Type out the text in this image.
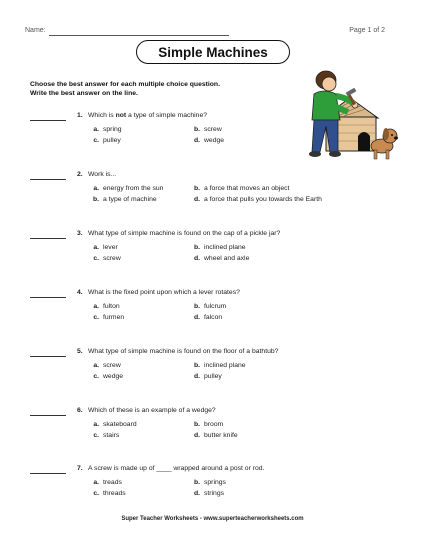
Name:	Page 1 of 2
Simple Machines
Choose the best answer for each multiple choice question.
Write the best answer on the line.
1. Which is not a type of simple machine?
a. spring	b. screw
c. pulley	d. wedge
2. Work is...
a. energy from the sun	b. a force that moves an object
b. a type of machine	d. a force that pulls you towards the Earth
3. What type of simple machine is found on the cap of a pickle jar?
a. lever	b. inclined plane
c. screw	d. wheel and axle
4. What is the fixed point upon which a lever rotates?
a. fulton	b. fulcrum
c. furmen	d. falcon
5. What type of simple machine is found on the floor of a bathtub?
a. screw	b. inclined plane
c. wedge	d. pulley
6. Which of these is an example of a wedge?
a. skateboard	b. broom
c. stairs	d. butter knife
7. A screw is made up of ____ wrapped around a post or rod.
a. treads	b. springs
c. threads	d. strings
Super Teacher Worksheets - www.superteacherworksheets.com
